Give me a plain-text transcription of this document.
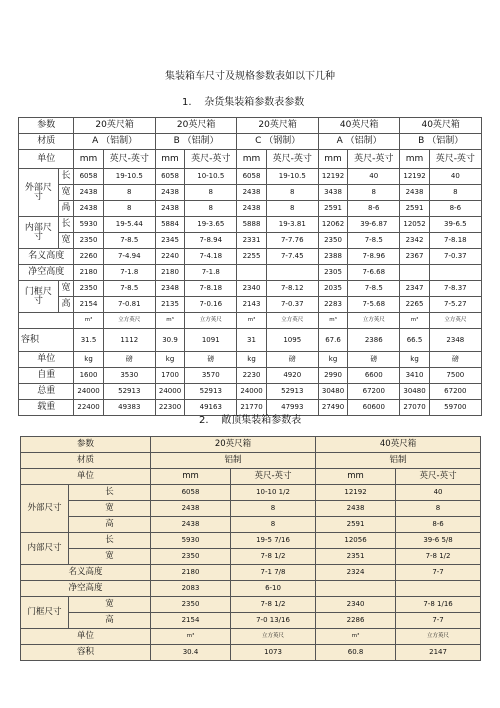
集装箱车尺寸及规格参数表如以下几种
1. 杂货集装箱参数表参数
参数		20英尺箱		20英尺箱		20英尺箱		40英尺箱		40英尺箱	
材质		A （铝制）		B （铝制）		C （钢制）		A （铝制）		B （铝制）	
单位		mm	英尺-英寸	mm	英尺-英寸	mm	英尺-英寸	mm	英尺-英寸	mm	英尺-英寸
外部尺
寸	长	6058	19-10.5	6058	10-10.5	6058	19-10.5	12192	40	12192	40
	宽	2438	8	2438	8	2438	8	3438	8	2438	8
	咼	2438	8	2438	8	2438	8	2591	8-6	2591	8-6
内部尺
寸	长	5930	19-5.44	5884	19-3.65	5888	19-3.81	12062	39-6.87	12052	39-6.5
	宽	2350	7-8.5	2345	7-8.94	2331	7-7.76	2350	7-8.5	2342	7-8.18
名义高度		2260	7-4.94	2240	7-4.18	2255	7-7.45	2388	7-8.96	2367	7-0.37
净空高度		2180	7-1.8	2180	7-1.8			2305	7-6.68		
门框尺
寸	宽	2350	7-8.5	2348	7-8.18	2340	7-8.12	2035	7-8.5	2347	7-8.37
	高	2154	7-0.81	2135	7-0.16	2143	7-0.37	2283	7-5.68	2265	7-5.27
		m³	立方英尺	m³	立方英尺	m³	立方英尺	m³	立方英尺	m³	立方英尺
容积		31.5	1112	30.9	1091	31	1095	67.6	2386	66.5	2348
单位		kg	磅	kg	磅	kg	磅	kg	磅	kg	磅
自重		1600	3530	1700	3570	2230	4920	2990	6600	3410	7500
总重		24000	52913	24000	52913	24000	52913	30480	67200	30480	67200
载重		22400	49383	22300	49163	21770	47993	27490	60600	27070	59700
2. 敞顶集装箱参数表
参数		20英尺箱		40英尺箱	
材质		铝制		铝制	
单位		mm	英尺-英寸	mm	英尺-英寸
外部尺寸	长	6058	10-10 1/2	12192	40
	宽	2438	8	2438	8
	高	2438	8	2591	8-6
内部尺寸	长	5930	19-5 7/16	12056	39-6 5/8
	宽	2350	7-8 1/2	2351	7-8 1/2
名义高度		2180	7-1 7/8	2324	7-7
净空高度		2083	6-10		
门框尺寸	宽	2350	7-8 1/2	2340	7-8 1/16
	高	2154	7-0 13/16	2286	7-7
单位		m³	立方英尺	m³	立方英尺
容积		30.4	1073	60.8	2147
